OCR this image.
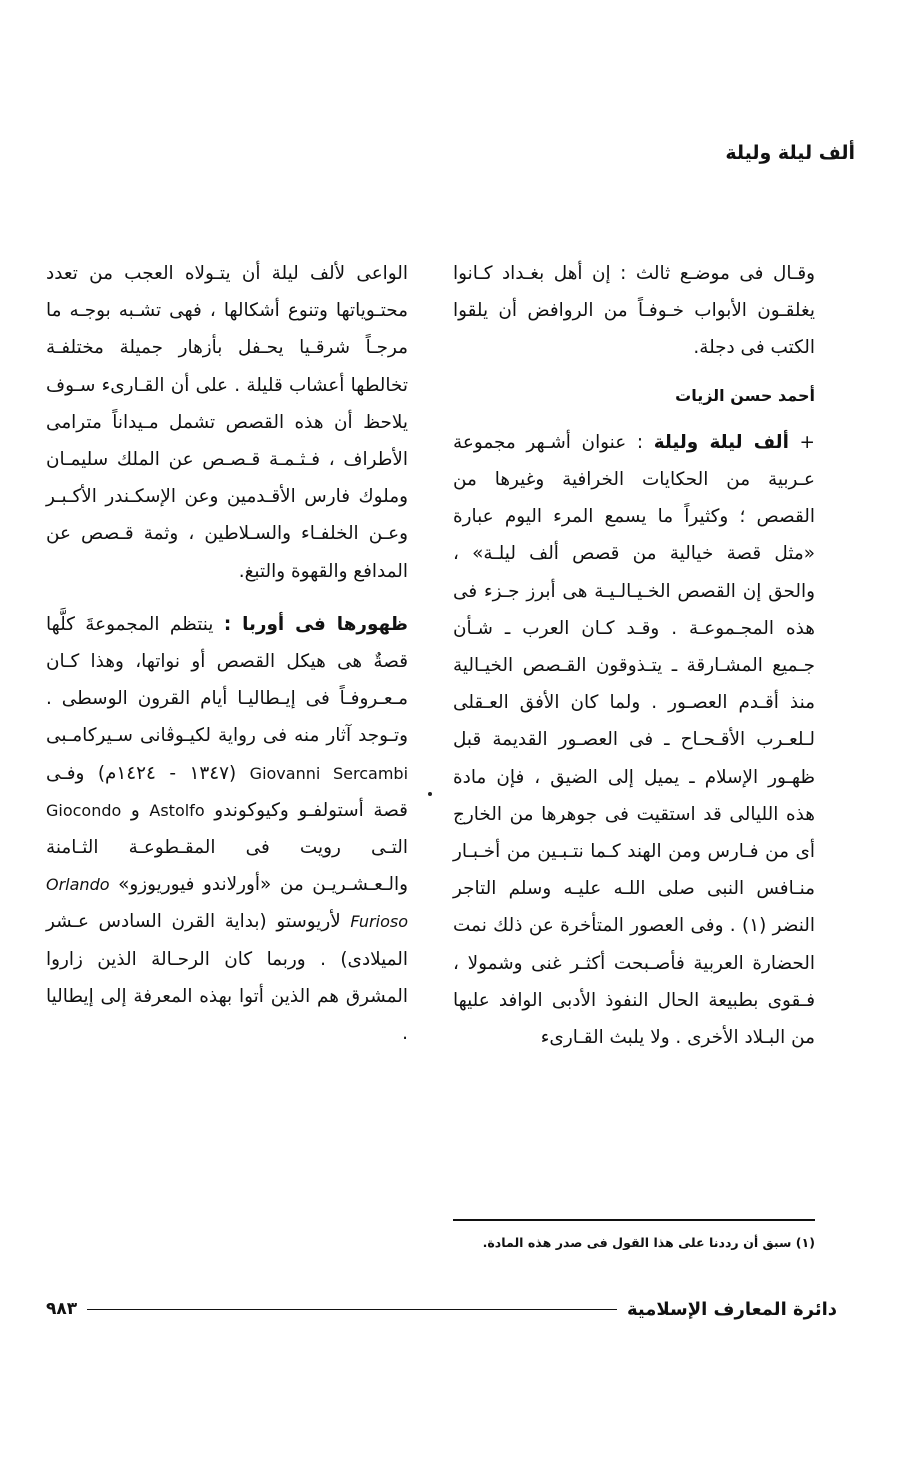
ألف ليلة وليلة

وقـال فى موضـع ثالث : إن أهل بغـداد كـانوا يغلقـون الأبواب خـوفـاً من الروافض أن يلقوا الكتب فى دجلة.

أحمد حسن الزيات

+ ألف ليلة وليلة : عنوان أشـهر مجموعة عـربية من الحكايات الخرافية وغيرها من القصص ؛ وكثيراً ما يسمع المرء اليوم عبارة «مثل قصة خيالية من قصص ألف ليلـة» ، والحق إن القصص الخـيـالـيـة هى أبرز جـزء فى هذه المجـموعـة . وقـد كـان العرب ـ شـأن جـميع المشـارقة ـ يتـذوقون القـصص الخيـالية منذ أقـدم العصـور . ولما كان الأفق العـقلى لـلعـرب الأقـحـاح ـ فى العصـور القديمة قبل ظهـور الإسلام ـ يميل إلى الضيق ، فإن مادة هذه الليالى قد استقيت فى جوهرها من الخارج أى من فـارس ومن الهند كـما نتـبـين من أخـبـار منـافس النبى صلى اللـه عليـه وسلم التاجر النضر (١) . وفى العصور المتأخرة عن ذلك نمت الحضارة العربية فأصـبحت أكثـر غنى وشمولا ، فـقوى بطبيعة الحال النفوذ الأدبى الوافد عليها من البـلاد الأخرى . ولا يلبث القـارىء

الواعى لألف ليلة أن يتـولاه العجب من تعدد محتـوياتها وتنوع أشكالها ، فهى تشـبه بوجـه ما مرجـاً شرقـيا يحـفل بأزهار جميلة مختلفـة تخالطها أعشاب قليلة . على أن القـارىء سـوف يلاحظ أن هذه القصص تشمل مـيداناً مترامى الأطراف ، فـثـمـة قـصـص عن الملك سليمـان وملوك فارس الأقـدمين وعن الإسكـندر الأكـبـر وعـن الخلفـاء والسـلاطين ، وثمة قـصص عن المدافع والقهوة والتبغ.

ظهورها فى أوربا : ينتظم المجموعةَ كلَّها قصةٌ هى هيكل القصص أو نواتها، وهذا كـان مـعـروفـاً فى إيـطاليـا أيام القرون الوسطى . وتـوجد آثار منه فى رواية لكيـوڤانى سـيركامـبى Giovanni Sercambi (١٣٤٧ - ١٤٢٤م) وفـى قصة أستولفـو وكيوكوندو Astolfo و Giocondo التـى رويت فى المقـطوعـة الثـامنة والـعـشـريـن من «أورلاندو فيوريوزو» Orlando Furioso لأريوستو (بداية القرن السادس عـشر الميلادى) . وربما كان الرحـالة الذين زاروا المشرق هم الذين أتوا بهذه المعرفة إلى إيطاليا .

(١) سبق أن رددنا على هذا القول فى صدر هذه المادة.
دائرة المعارف الإسلامية
٩٨٣
